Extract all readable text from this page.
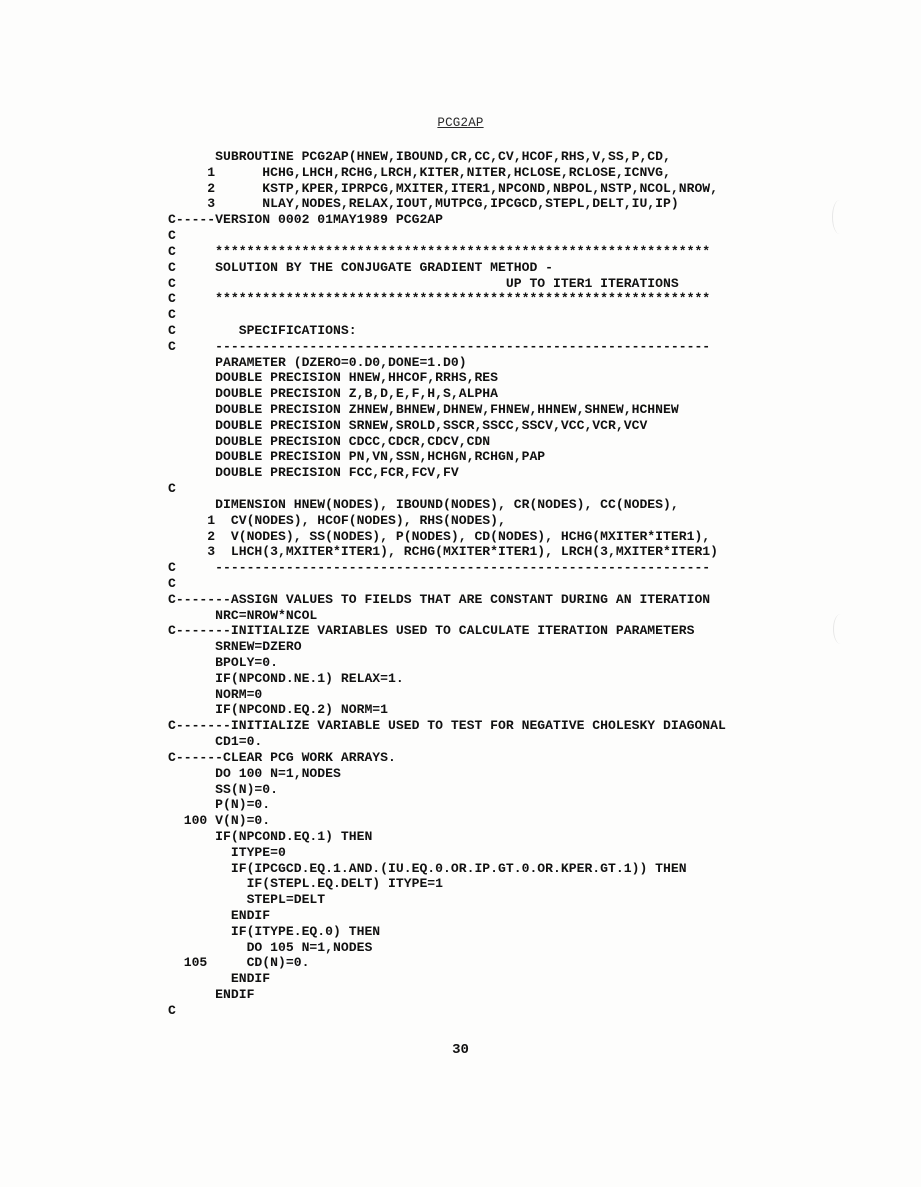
PCG2AP
SUBROUTINE PCG2AP(HNEW,IBOUND,CR,CC,CV,HCOF,RHS,V,SS,P,CD,
1      HCHG,LHCH,RCHG,LRCH,KITER,NITER,HCLOSE,RCLOSE,ICNVG,
2      KSTP,KPER,IPRPCG,MXITER,ITER1,NPCOND,NBPOL,NSTP,NCOL,NROW,
3      NLAY,NODES,RELAX,IOUT,MUTPCG,IPCGCD,STEPL,DELT,IU,IP)
C-----VERSION 0002 01MAY1989 PCG2AP
C
C     ***************************************************************
C     SOLUTION BY THE CONJUGATE GRADIENT METHOD -
C                                          UP TO ITER1 ITERATIONS
C     ***************************************************************
C
C        SPECIFICATIONS:
C     ---------------------------------------------------------------
PARAMETER (DZERO=0.D0,DONE=1.D0)
DOUBLE PRECISION HNEW,HHCOF,RRHS,RES
DOUBLE PRECISION Z,B,D,E,F,H,S,ALPHA
DOUBLE PRECISION ZHNEW,BHNEW,DHNEW,FHNEW,HHNEW,SHNEW,HCHNEW
DOUBLE PRECISION SRNEW,SROLD,SSCR,SSCC,SSCV,VCC,VCR,VCV
DOUBLE PRECISION CDCC,CDCR,CDCV,CDN
DOUBLE PRECISION PN,VN,SSN,HCHGN,RCHGN,PAP
DOUBLE PRECISION FCC,FCR,FCV,FV
C
DIMENSION HNEW(NODES), IBOUND(NODES), CR(NODES), CC(NODES),
1  CV(NODES), HCOF(NODES), RHS(NODES),
2  V(NODES), SS(NODES), P(NODES), CD(NODES), HCHG(MXITER*ITER1),
3  LHCH(3,MXITER*ITER1), RCHG(MXITER*ITER1), LRCH(3,MXITER*ITER1)
C     ---------------------------------------------------------------
C
C-------ASSIGN VALUES TO FIELDS THAT ARE CONSTANT DURING AN ITERATION
NRC=NROW*NCOL
C-------INITIALIZE VARIABLES USED TO CALCULATE ITERATION PARAMETERS
SRNEW=DZERO
BPOLY=0.
IF(NPCOND.NE.1) RELAX=1.
NORM=0
IF(NPCOND.EQ.2) NORM=1
C-------INITIALIZE VARIABLE USED TO TEST FOR NEGATIVE CHOLESKY DIAGONAL
CD1=0.
C------CLEAR PCG WORK ARRAYS.
DO 100 N=1,NODES
SS(N)=0.
P(N)=0.
100 V(N)=0.
IF(NPCOND.EQ.1) THEN
ITYPE=0
IF(IPCGCD.EQ.1.AND.(IU.EQ.0.OR.IP.GT.0.OR.KPER.GT.1)) THEN
IF(STEPL.EQ.DELT) ITYPE=1
STEPL=DELT
ENDIF
IF(ITYPE.EQ.0) THEN
DO 105 N=1,NODES
105     CD(N)=0.
ENDIF
ENDIF
C
30
